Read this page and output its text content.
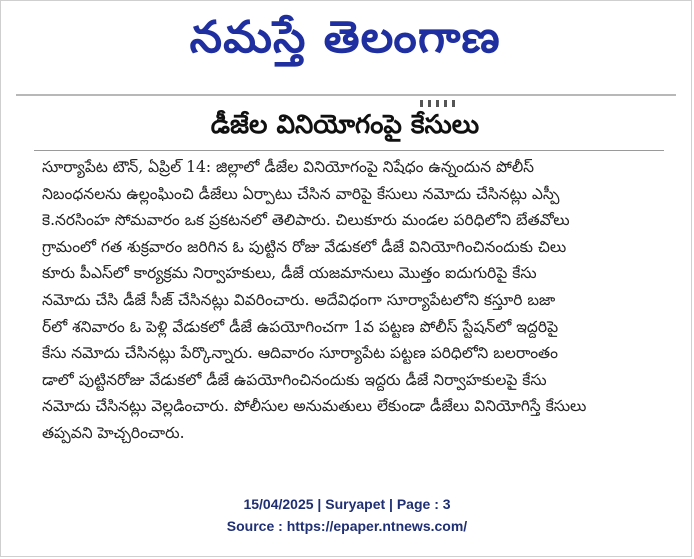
నమస్తే తెలంగాణ
డీజేల వినియోగంపై కేసులు
సూర్యాపేట టౌన్, ఏప్రిల్ 14: జిల్లాలో డీజేల వినియోగంపై నిషేధం ఉన్నందున పోలీస్
నిబంధనలను ఉల్లంఘించి డీజేలు ఏర్పాటు చేసిన వారిపై కేసులు నమోదు చేసినట్లు ఎస్పీ
కె.నరసింహ సోమవారం ఒక ప్రకటనలో తెలిపారు. చిలుకూరు మండల పరిధిలోని బేతవోలు
గ్రామంలో గత శుక్రవారం జరిగిన ఓ పుట్టిన రోజు వేడుకలో డీజే వినియోగించినందుకు చిలు
కూరు పీఎస్‌లో కార్యక్రమ నిర్వాహకులు, డీజే యజమానులు మొత్తం ఐదుగురిపై కేసు
నమోదు చేసి డీజే సీజ్ చేసినట్లు వివరించారు. అదేవిధంగా సూర్యాపేటలోని కస్తూరి బజా
ర్‌లో శనివారం ఓ పెళ్లి వేడుకలో డీజే ఉపయోగించగా 1వ పట్టణ పోలీస్ స్టేషన్‌లో ఇద్దరిపై
కేసు నమోదు చేసినట్లు పేర్కొన్నారు. ఆదివారం సూర్యాపేట పట్టణ పరిధిలోని బలరాంతం
డాలో పుట్టినరోజు వేడుకలో డీజే ఉపయోగించినందుకు ఇద్దరు డీజే నిర్వాహకులపై కేసు
నమోదు చేసినట్లు వెల్లడించారు. పోలీసుల అనుమతులు లేకుండా డీజేలు వినియోగిస్తే కేసులు
తప్పవని హెచ్చరించారు.
15/04/2025 | Suryapet | Page : 3
Source : https://epaper.ntnews.com/
